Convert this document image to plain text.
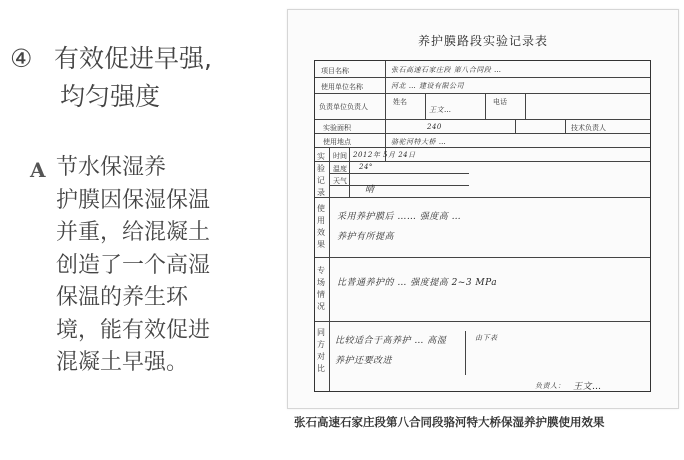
④ 有效促进早强,
均匀强度
A 节水保湿养
护膜因保湿保温
并重，给混凝土
创造了一个高湿
保温的养生环
境，能有效促进
混凝土早强。
养护膜路段实验记录表
项目名称
使用单位名称
负责单位负责人
姓名	电话
实验面积	技术负责人
使用地点
时间
温度
天气
实验记录
使用效果
专场情况
同方对比
张石高速石家庄段 第八合同段 …
河北 … 建设有限公司
王文…
240
骆驼河特大桥 …
2012年 5月 24日
24°
晴
采用养护膜后 …… 强度高 …
养护有所提高
比普通养护的 … 强度提高 2~3 MPa
比较适合于高养护 … 高湿
养护还要改进
由下表
负责人： 王文…
张石高速石家庄段第八合同段骆河特大桥保湿养护膜使用效果
